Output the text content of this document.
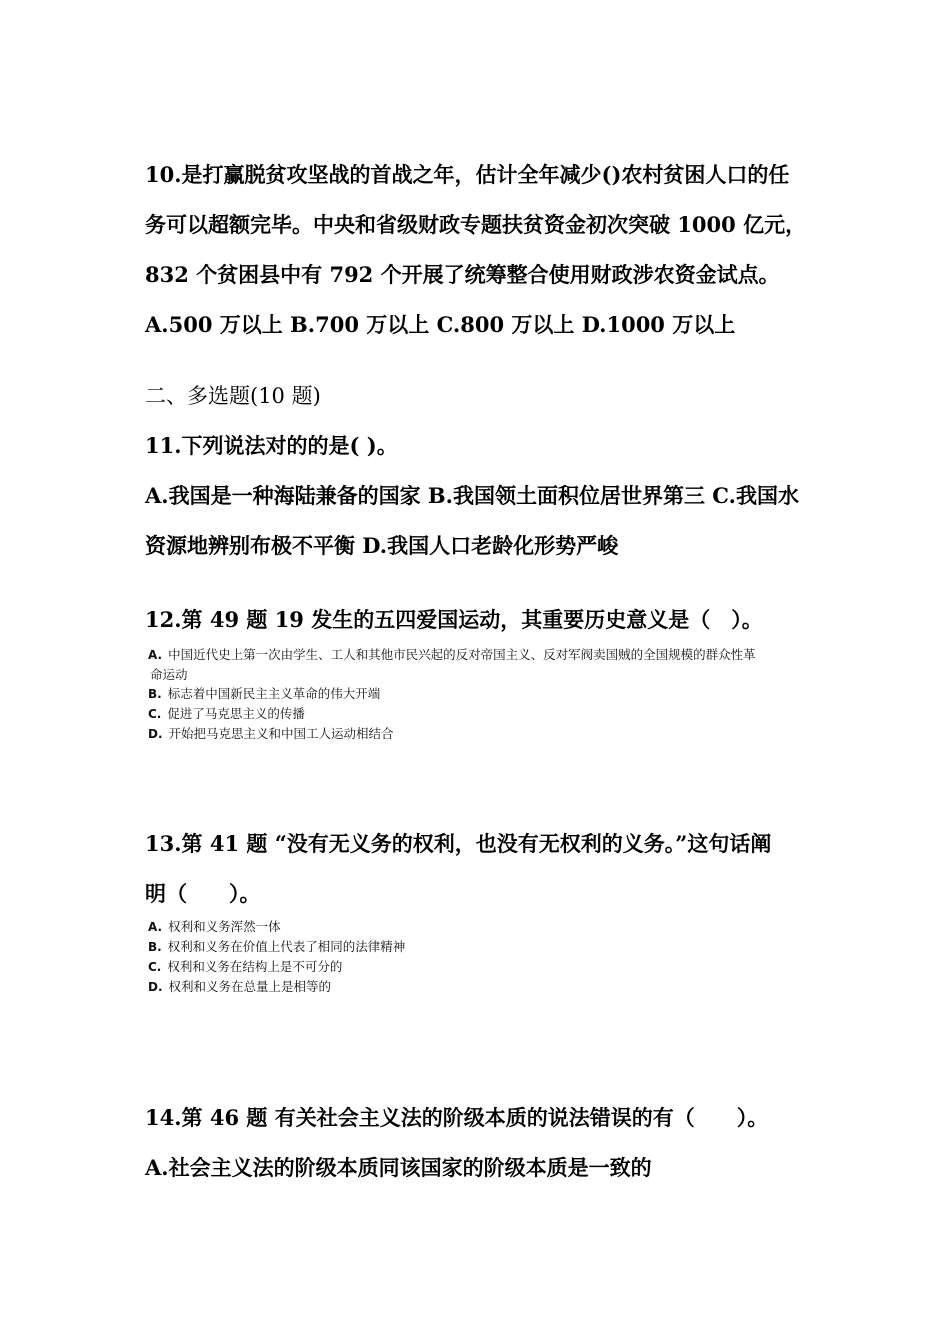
10.是打赢脱贫攻坚战的首战之年，估计全年减少()农村贫困人口的任
务可以超额完毕。中央和省级财政专题扶贫资金初次突破 1000 亿元，
832 个贫困县中有 792 个开展了统筹整合使用财政涉农资金试点。
A.500 万以上 B.700 万以上 C.800 万以上 D.1000 万以上
二、多选题(10 题)
11.下列说法对的的是( )。
A.我国是一种海陆兼备的国家 B.我国领土面积位居世界第三 C.我国水
资源地辨别布极不平衡 D.我国人口老龄化形势严峻
12.第 49 题 19 发生的五四爱国运动，其重要历史意义是（　）。
A. 中国近代史上第一次由学生、工人和其他市民兴起的反对帝国主义、反对军阀卖国贼的全国规模的群众性革
命运动
B. 标志着中国新民主主义革命的伟大开端
C. 促进了马克思主义的传播
D. 开始把马克思主义和中国工人运动相结合
13.第 41 题 “没有无义务的权利，也没有无权利的义务。”这句话阐
明（　　）。
A. 权利和义务浑然一体
B. 权利和义务在价值上代表了相同的法律精神
C. 权利和义务在结构上是不可分的
D. 权利和义务在总量上是相等的
14.第 46 题 有关社会主义法的阶级本质的说法错误的有（　　）。
A.社会主义法的阶级本质同该国家的阶级本质是一致的
